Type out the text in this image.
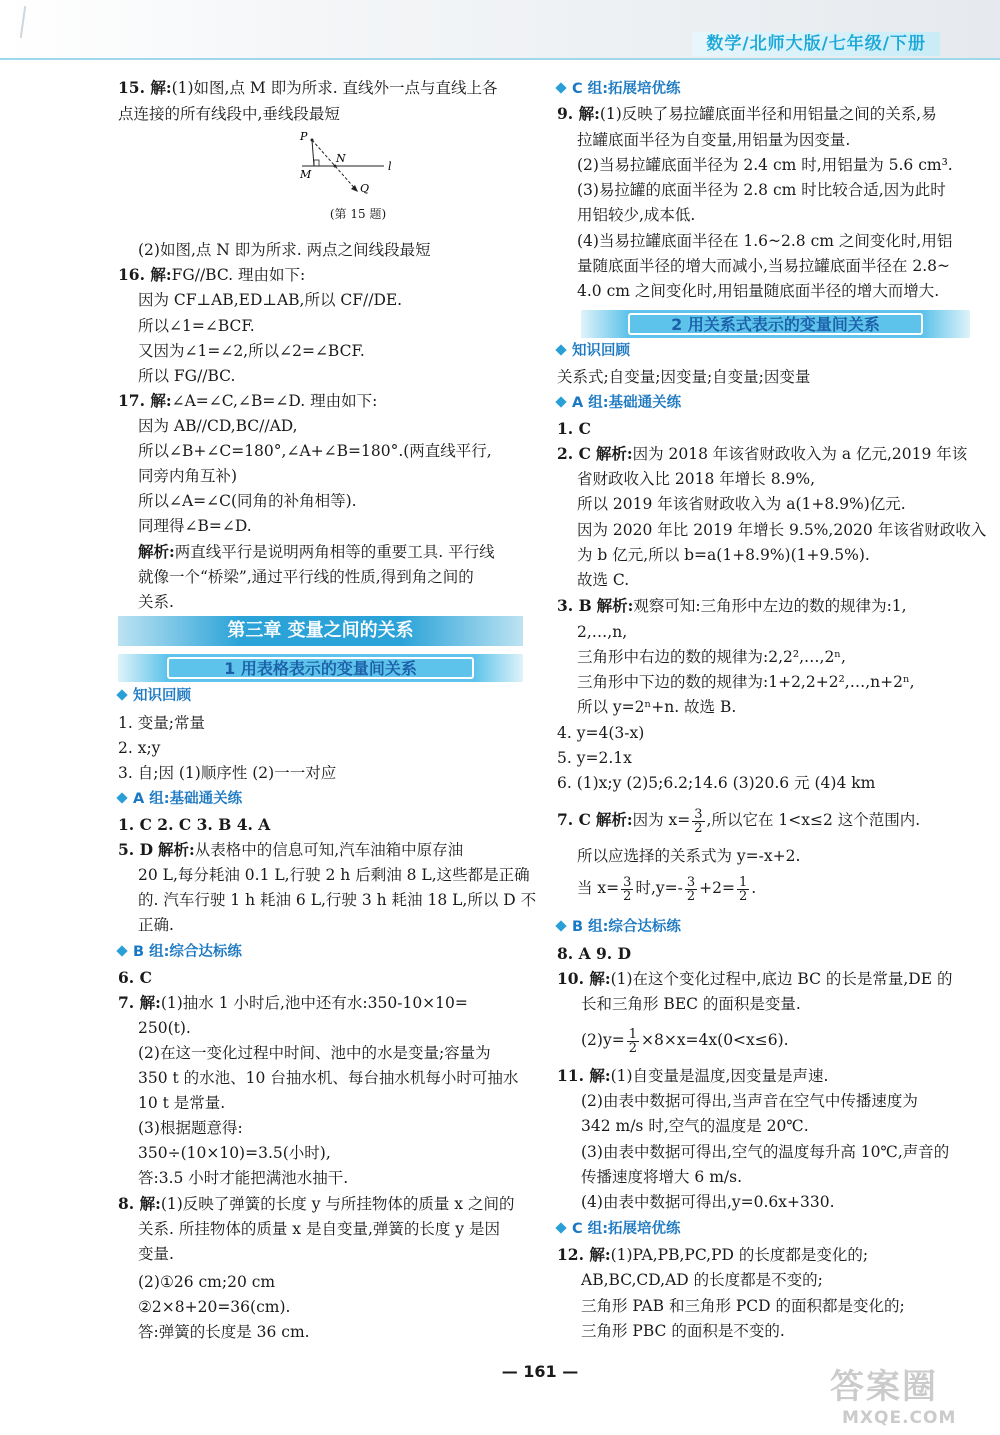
数学/北师大版/七年级/下册
15. 解:(1)如图,点 M 即为所求. 直线外一点与直线上各
点连接的所有线段中,垂线段最短
P
N
M
Q
l
(第 15 题)
(2)如图,点 N 即为所求. 两点之间线段最短
16. 解:FG//BC. 理由如下:
因为 CF⊥AB,ED⊥AB,所以 CF//DE.
所以∠1=∠BCF.
又因为∠1=∠2,所以∠2=∠BCF.
所以 FG//BC.
17. 解:∠A=∠C,∠B=∠D. 理由如下:
因为 AB//CD,BC//AD,
所以∠B+∠C=180°,∠A+∠B=180°.(两直线平行,
同旁内角互补)
所以∠A=∠C(同角的补角相等).
同理得∠B=∠D.
解析:两直线平行是说明两角相等的重要工具. 平行线
就像一个“桥梁”,通过平行线的性质,得到角之间的
关系.
第三章 变量之间的关系
1 用表格表示的变量间关系
知识回顾
1. 变量;常量
2. x;y
3. 自;因 (1)顺序性 (2)一一对应
A 组:基础通关练
1. C 2. C 3. B 4. A
5. D 解析:从表格中的信息可知,汽车油箱中原存油
20 L,每分耗油 0.1 L,行驶 2 h 后剩油 8 L,这些都是正确
的. 汽车行驶 1 h 耗油 6 L,行驶 3 h 耗油 18 L,所以 D 不
正确.
B 组:综合达标练
6. C
7. 解:(1)抽水 1 小时后,池中还有水:350-10×10=
250(t).
(2)在这一变化过程中时间、池中的水是变量;容量为
350 t 的水池、10 台抽水机、每台抽水机每小时可抽水
10 t 是常量.
(3)根据题意得:
350÷(10×10)=3.5(小时),
答:3.5 小时才能把满池水抽干.
8. 解:(1)反映了弹簧的长度 y 与所挂物体的质量 x 之间的
关系. 所挂物体的质量 x 是自变量,弹簧的长度 y 是因
变量.
(2)①26 cm;20 cm
②2×8+20=36(cm).
答:弹簧的长度是 36 cm.
C 组:拓展培优练
9. 解:(1)反映了易拉罐底面半径和用铝量之间的关系,易
拉罐底面半径为自变量,用铝量为因变量.
(2)当易拉罐底面半径为 2.4 cm 时,用铝量为 5.6 cm³.
(3)易拉罐的底面半径为 2.8 cm 时比较合适,因为此时
用铝较少,成本低.
(4)当易拉罐底面半径在 1.6~2.8 cm 之间变化时,用铝
量随底面半径的增大而减小,当易拉罐底面半径在 2.8~
4.0 cm 之间变化时,用铝量随底面半径的增大而增大.
2 用关系式表示的变量间关系
知识回顾
关系式;自变量;因变量;自变量;因变量
A 组:基础通关练
1. C
2. C 解析:因为 2018 年该省财政收入为 a 亿元,2019 年该
省财政收入比 2018 年增长 8.9%,
所以 2019 年该省财政收入为 a(1+8.9%)亿元.
因为 2020 年比 2019 年增长 9.5%,2020 年该省财政收入
为 b 亿元,所以 b=a(1+8.9%)(1+9.5%).
故选 C.
3. B 解析:观察可知:三角形中左边的数的规律为:1,
2,…,n,
三角形中右边的数的规律为:2,2²,…,2ⁿ,
三角形中下边的数的规律为:1+2,2+2²,…,n+2ⁿ,
所以 y=2ⁿ+n. 故选 B.
4. y=4(3-x)
5. y=2.1x
6. (1)x;y (2)5;6.2;14.6 (3)20.6 元 (4)4 km
7. C 解析:因为 $x= \frac{3}{2}$ ,所以它在 1<x≤2 这个范围内.
所以应选择的关系式为 y=-x+2.
当 $x= \frac{3}{2}$ 时$,y=- \frac{3}{2} +2= \frac{1}{2}$ .
B 组:综合达标练
8. A 9. D
10. 解:(1)在这个变化过程中,底边 BC 的长是常量,DE 的
长和三角形 BEC 的面积是变量.
$(2)y= \frac{1}{2} \times 8\times x=4x(0<x\le 6)$.
11. 解:(1)自变量是温度,因变量是声速.
(2)由表中数据可得出,当声音在空气中传播速度为
342 m/s 时,空气的温度是 20℃.
(3)由表中数据可得出,空气的温度每升高 10℃,声音的
传播速度将增大 6 m/s.
(4)由表中数据可得出,y=0.6x+330.
C 组:拓展培优练
12. 解:(1)PA,PB,PC,PD 的长度都是变化的;
AB,BC,CD,AD 的长度都是不变的;
三角形 PAB 和三角形 PCD 的面积都是变化的;
三角形 PBC 的面积是不变的.
— 161 —	答案圈
MXQE.COM
